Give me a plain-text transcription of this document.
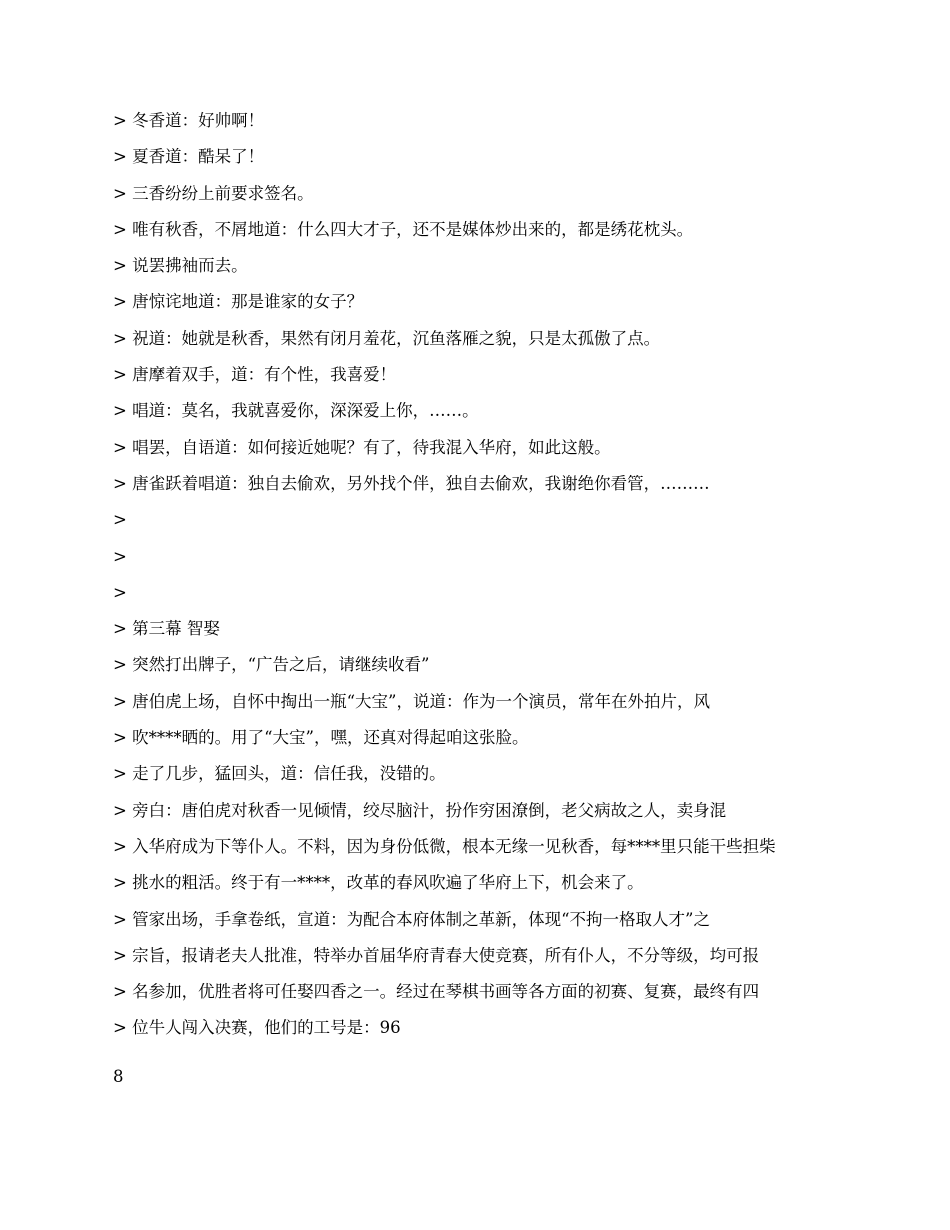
> 冬香道：好帅啊！
> 夏香道：酷呆了！
> 三香纷纷上前要求签名。
> 唯有秋香，不屑地道：什么四大才子，还不是媒体炒出来的，都是绣花枕头。
> 说罢拂袖而去。
> 唐惊诧地道：那是谁家的女子？
> 祝道：她就是秋香，果然有闭月羞花，沉鱼落雁之貌，只是太孤傲了点。
> 唐摩着双手，道：有个性，我喜爱！
> 唱道：莫名，我就喜爱你，深深爱上你，……。
> 唱罢，自语道：如何接近她呢？有了，待我混入华府，如此这般。
> 唐雀跃着唱道：独自去偷欢，另外找个伴，独自去偷欢，我谢绝你看管，………
>
>
>
> 第三幕 智娶
> 突然打出牌子，“广告之后，请继续收看”
> 唐伯虎上场，自怀中掏出一瓶“大宝”，说道：作为一个演员，常年在外拍片，风
> 吹****晒的。用了“大宝”，嘿，还真对得起咱这张脸。
> 走了几步，猛回头，道：信任我，没错的。
> 旁白：唐伯虎对秋香一见倾情，绞尽脑汁，扮作穷困潦倒，老父病故之人，卖身混
> 入华府成为下等仆人。不料，因为身份低微，根本无缘一见秋香，每****里只能干些担柴
> 挑水的粗活。终于有一****，改革的春风吹遍了华府上下，机会来了。
> 管家出场，手拿卷纸，宣道：为配合本府体制之革新，体现“不拘一格取人才”之
> 宗旨，报请老夫人批准，特举办首届华府青春大使竞赛，所有仆人，不分等级，均可报
> 名参加，优胜者将可任娶四香之一。经过在琴棋书画等各方面的初赛、复赛，最终有四
> 位牛人闯入决赛，他们的工号是：96
8
